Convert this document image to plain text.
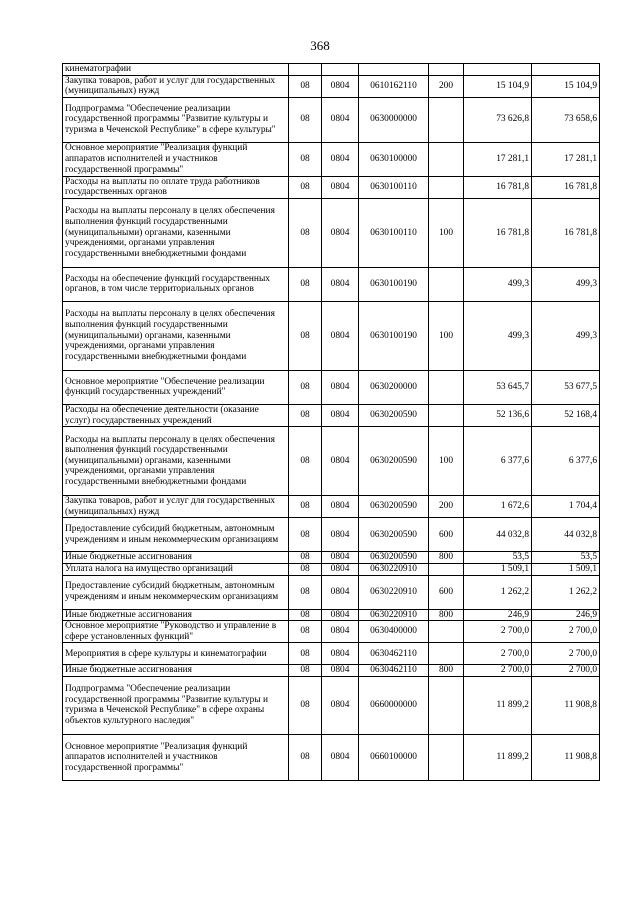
368
кинематографии						
Закупка товаров, работ и услуг для государственных (муниципальных) нужд	08	0804	0610162110	200	15 104,9	15 104,9
Подпрограмма "Обеспечение реализации государственной программы "Развитие культуры и туризма в Чеченской Республике" в сфере культуры"	08	0804	0630000000		73 626,8	73 658,6
Основное мероприятие "Реализация функций аппаратов исполнителей и участников государственной программы"	08	0804	0630100000		17 281,1	17 281,1
Расходы на выплаты по оплате труда работников государственных органов	08	0804	0630100110		16 781,8	16 781,8
Расходы на выплаты персоналу в целях обеспечения выполнения функций государственными (муниципальными) органами, казенными учреждениями, органами управления государственными внебюджетными фондами	08	0804	0630100110	100	16 781,8	16 781,8
Расходы на обеспечение функций государственных органов, в том числе территориальных органов	08	0804	0630100190		499,3	499,3
Расходы на выплаты персоналу в целях обеспечения выполнения функций государственными (муниципальными) органами, казенными учреждениями, органами управления государственными внебюджетными фондами	08	0804	0630100190	100	499,3	499,3
Основное мероприятие "Обеспечение реализации функций государственных учреждений"	08	0804	0630200000		53 645,7	53 677,5
Расходы на обеспечение деятельности (оказание услуг) государственных учреждений	08	0804	0630200590		52 136,6	52 168,4
Расходы на выплаты персоналу в целях обеспечения выполнения функций государственными (муниципальными) органами, казенными учреждениями, органами управления государственными внебюджетными фондами	08	0804	0630200590	100	6 377,6	6 377,6
Закупка товаров, работ и услуг для государственных (муниципальных) нужд	08	0804	0630200590	200	1 672,6	1 704,4
Предоставление субсидий бюджетным, автономным учреждениям и иным некоммерческим организациям	08	0804	0630200590	600	44 032,8	44 032,8
Иные бюджетные ассигнования	08	0804	0630200590	800	53,5	53,5
Уплата налога на имущество организаций	08	0804	0630220910		1 509,1	1 509,1
Предоставление субсидий бюджетным, автономным учреждениям и иным некоммерческим организациям	08	0804	0630220910	600	1 262,2	1 262,2
Иные бюджетные ассигнования	08	0804	0630220910	800	246,9	246,9
Основное мероприятие "Руководство и управление в сфере установленных функций"	08	0804	0630400000		2 700,0	2 700,0
Мероприятия в сфере культуры и кинематографии	08	0804	0630462110		2 700,0	2 700,0
Иные бюджетные ассигнования	08	0804	0630462110	800	2 700,0	2 700,0
Подпрограмма "Обеспечение реализации государственной программы "Развитие культуры и туризма в Чеченской Республике" в сфере охраны объектов культурного наследия"	08	0804	0660000000		11 899,2	11 908,8
Основное мероприятие "Реализация функций аппаратов исполнителей и участников государственной программы"	08	0804	0660100000		11 899,2	11 908,8
